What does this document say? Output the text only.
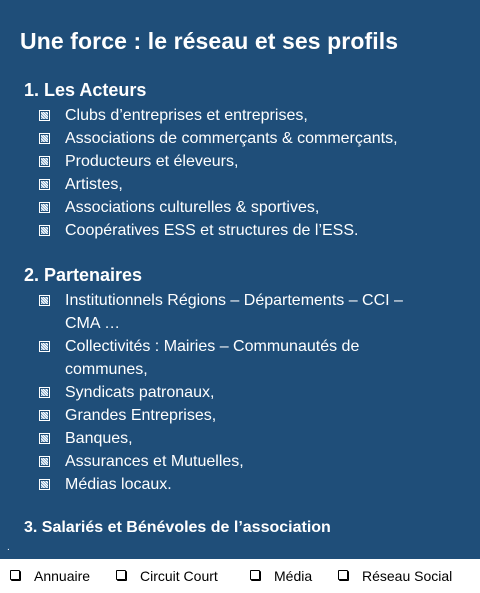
Une force : le réseau et ses profils
1. Les Acteurs
Clubs d’entreprises et entreprises,
Associations de commerçants & commerçants,
Producteurs et éleveurs,
Artistes,
Associations culturelles & sportives,
Coopératives ESS et structures de l’ESS.
2. Partenaires
Institutionnels Régions – Départements – CCI –
CMA …
Collectivités : Mairies – Communautés de
communes,
Syndicats patronaux,
Grandes Entreprises,
Banques,
Assurances et Mutuelles,
Médias locaux.
3. Salariés et Bénévoles de l’association
.
Annuaire	Circuit Court	Média	Réseau Social
